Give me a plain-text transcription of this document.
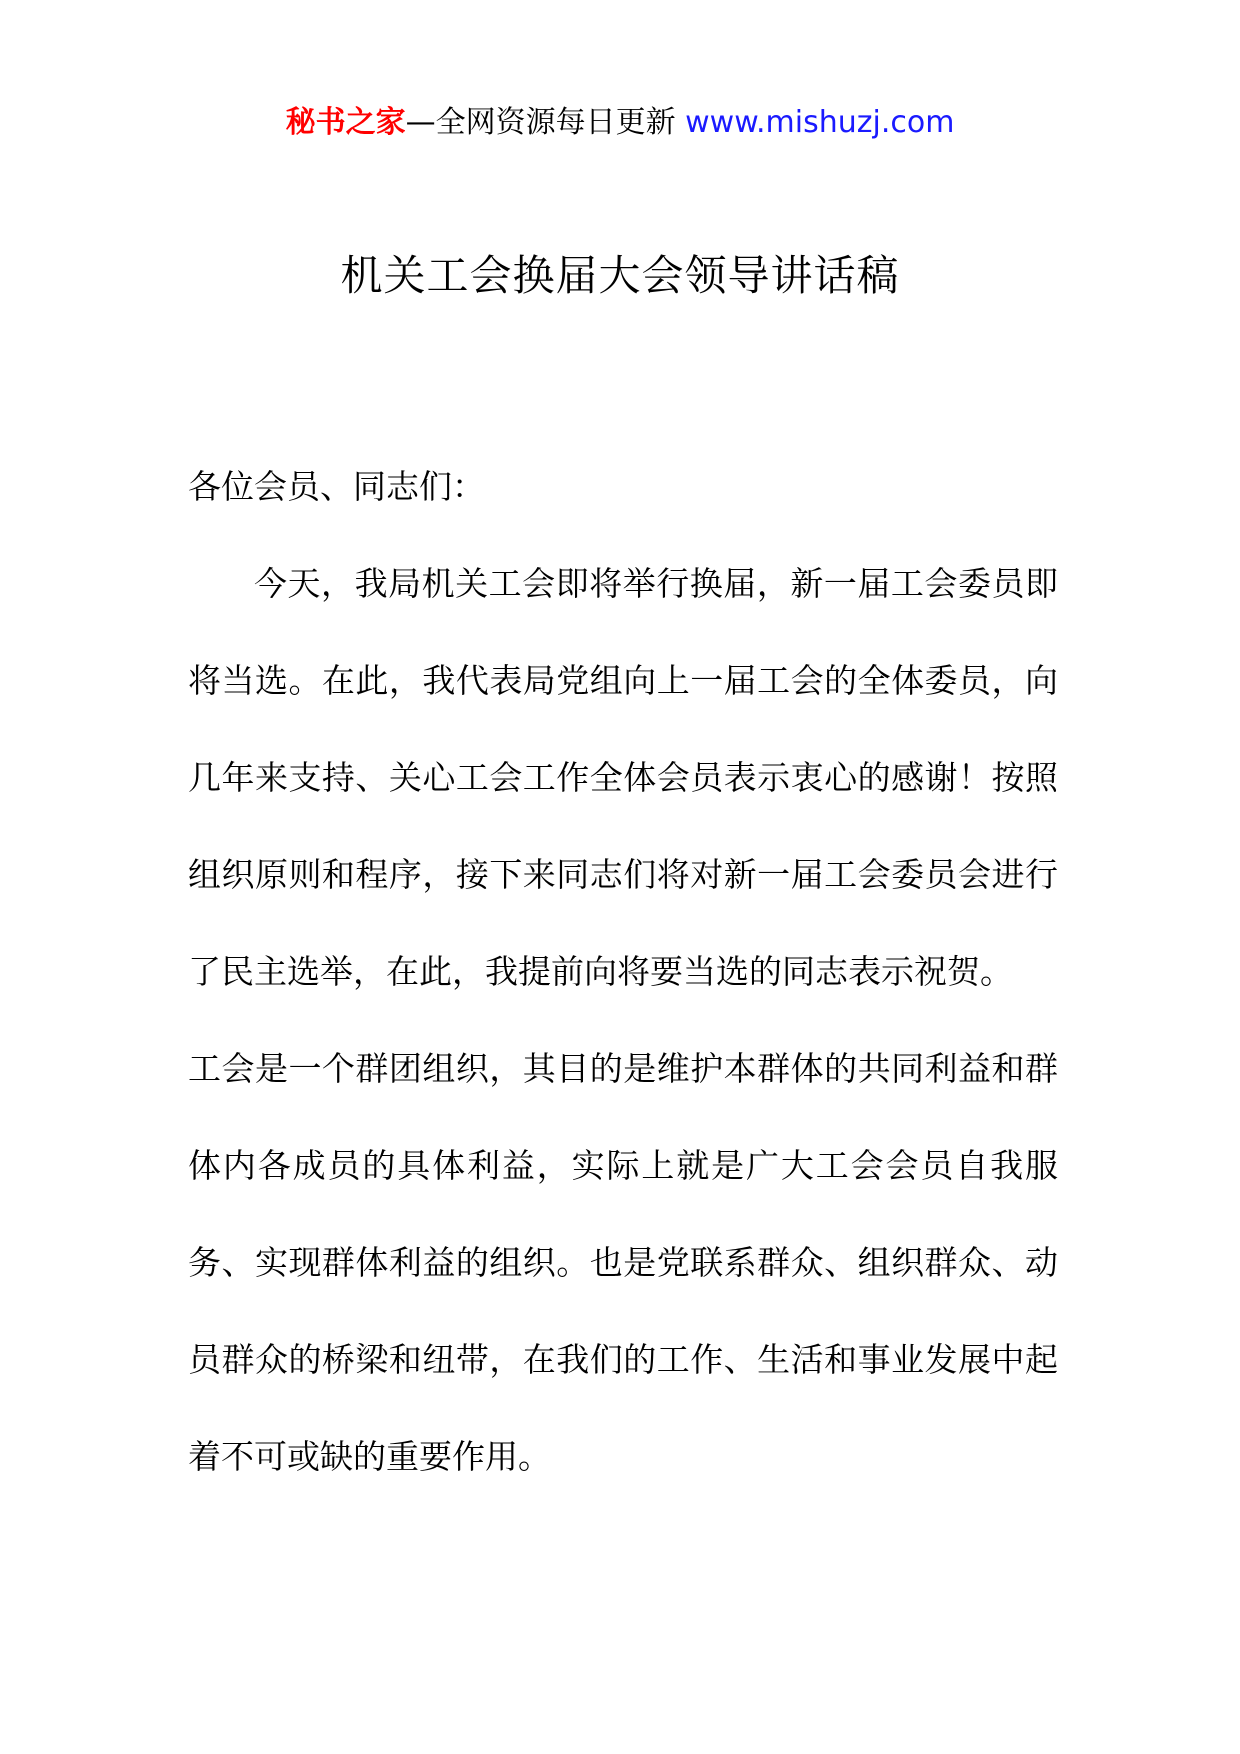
秘书之家—全网资源每日更新 www.mishuzj.com
机关工会换届大会领导讲话稿

各位会员、同志们：

今天，我局机关工会即将举行换届，新一届工会委员即将当选。在此，我代表局党组向上一届工会的全体委员，向几年来支持、关心工会工作全体会员表示衷心的感谢！按照组织原则和程序，接下来同志们将对新一届工会委员会进行了民主选举，在此，我提前向将要当选的同志表示祝贺。

工会是一个群团组织，其目的是维护本群体的共同利益和群体内各成员的具体利益，实际上就是广大工会会员自我服务、实现群体利益的组织。也是党联系群众、组织群众、动员群众的桥梁和纽带，在我们的工作、生活和事业发展中起着不可或缺的重要作用。
